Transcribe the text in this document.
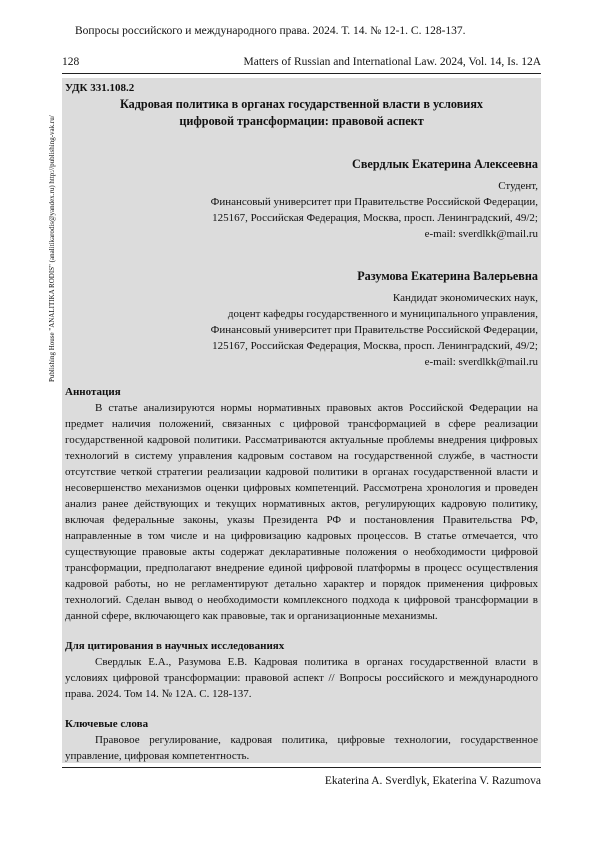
Вопросы российского и международного права. 2024. Т. 14. № 12-1. С. 128-137.
128	Matters of Russian and International Law. 2024, Vol. 14, Is. 12A
Publishing House "ANALITIKA RODIS" (analitikarodis@yandex.ru) http://publishing-vak.ru/
УДК 331.108.2
Кадровая политика в органах государственной власти в условиях цифровой трансформации: правовой аспект
Свердлык Екатерина Алексеевна
Студент,
Финансовый университет при Правительстве Российской Федерации,
125167, Российская Федерация, Москва, просп. Ленинградский, 49/2;
e-mail: sverdlkk@mail.ru
Разумова Екатерина Валерьевна
Кандидат экономических наук,
доцент кафедры государственного и муниципального управления,
Финансовый университет при Правительстве Российской Федерации,
125167, Российская Федерация, Москва, просп. Ленинградский, 49/2;
e-mail: sverdlkk@mail.ru
Аннотация
В статье анализируются нормы нормативных правовых актов Российской Федерации на предмет наличия положений, связанных с цифровой трансформацией в сфере реализации государственной кадровой политики. Рассматриваются актуальные проблемы внедрения цифровых технологий в систему управления кадровым составом на государственной службе, в частности отсутствие четкой стратегии реализации кадровой политики в органах государственной власти и несовершенство механизмов оценки цифровых компетенций. Рассмотрена хронология и проведен анализ ранее действующих и текущих нормативных актов, регулирующих кадровую политику, включая федеральные законы, указы Президента РФ и постановления Правительства РФ, направленные в том числе и на цифровизацию кадровых процессов. В статье отмечается, что существующие правовые акты содержат декларативные положения о необходимости цифровой трансформации, предполагают внедрение единой цифровой платформы в процесс осуществления кадровой работы, но не регламентируют детально характер и порядок применения цифровых технологий. Сделан вывод о необходимости комплексного подхода к цифровой трансформации в данной сфере, включающего как правовые, так и организационные механизмы.
Для цитирования в научных исследованиях
Свердлык Е.А., Разумова Е.В. Кадровая политика в органах государственной власти в условиях цифровой трансформации: правовой аспект // Вопросы российского и международного права. 2024. Том 14. № 12А. С. 128-137.
Ключевые слова
Правовое регулирование, кадровая политика, цифровые технологии, государственное управление, цифровая компетентность.
Ekaterina A. Sverdlyk, Ekaterina V. Razumova
